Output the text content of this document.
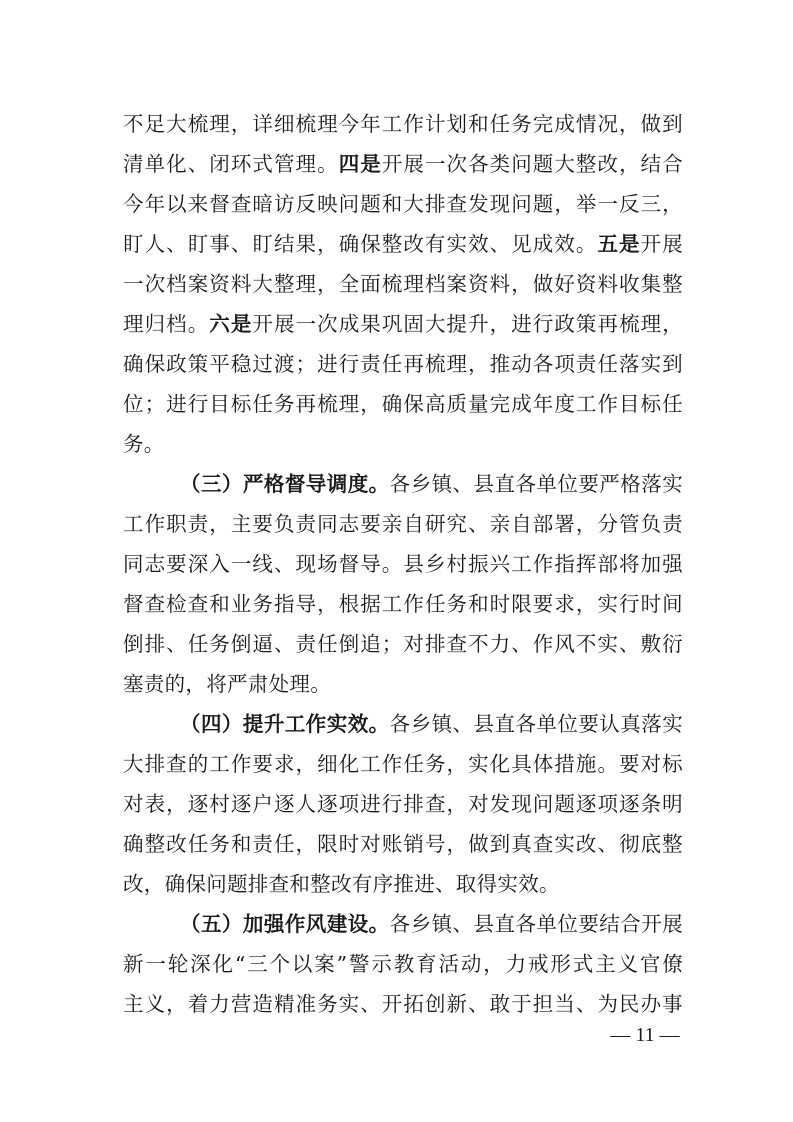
不足大梳理，详细梳理今年工作计划和任务完成情况，做到
清单化、闭环式管理。四是开展一次各类问题大整改，结合
今年以来督查暗访反映问题和大排查发现问题，举一反三，
盯人、盯事、盯结果，确保整改有实效、见成效。五是开展
一次档案资料大整理，全面梳理档案资料，做好资料收集整
理归档。六是开展一次成果巩固大提升，进行政策再梳理，
确保政策平稳过渡；进行责任再梳理，推动各项责任落实到
位；进行目标任务再梳理，确保高质量完成年度工作目标任
务。
（三）严格督导调度。各乡镇、县直各单位要严格落实
工作职责，主要负责同志要亲自研究、亲自部署，分管负责
同志要深入一线、现场督导。县乡村振兴工作指挥部将加强
督查检查和业务指导，根据工作任务和时限要求，实行时间
倒排、任务倒逼、责任倒追；对排查不力、作风不实、敷衍
塞责的，将严肃处理。
（四）提升工作实效。各乡镇、县直各单位要认真落实
大排查的工作要求，细化工作任务，实化具体措施。要对标
对表，逐村逐户逐人逐项进行排查，对发现问题逐项逐条明
确整改任务和责任，限时对账销号，做到真查实改、彻底整
改，确保问题排查和整改有序推进、取得实效。
（五）加强作风建设。各乡镇、县直各单位要结合开展
新一轮深化“三个以案”警示教育活动，力戒形式主义官僚
主义，着力营造精准务实、开拓创新、敢于担当、为民办事
— 11 —
